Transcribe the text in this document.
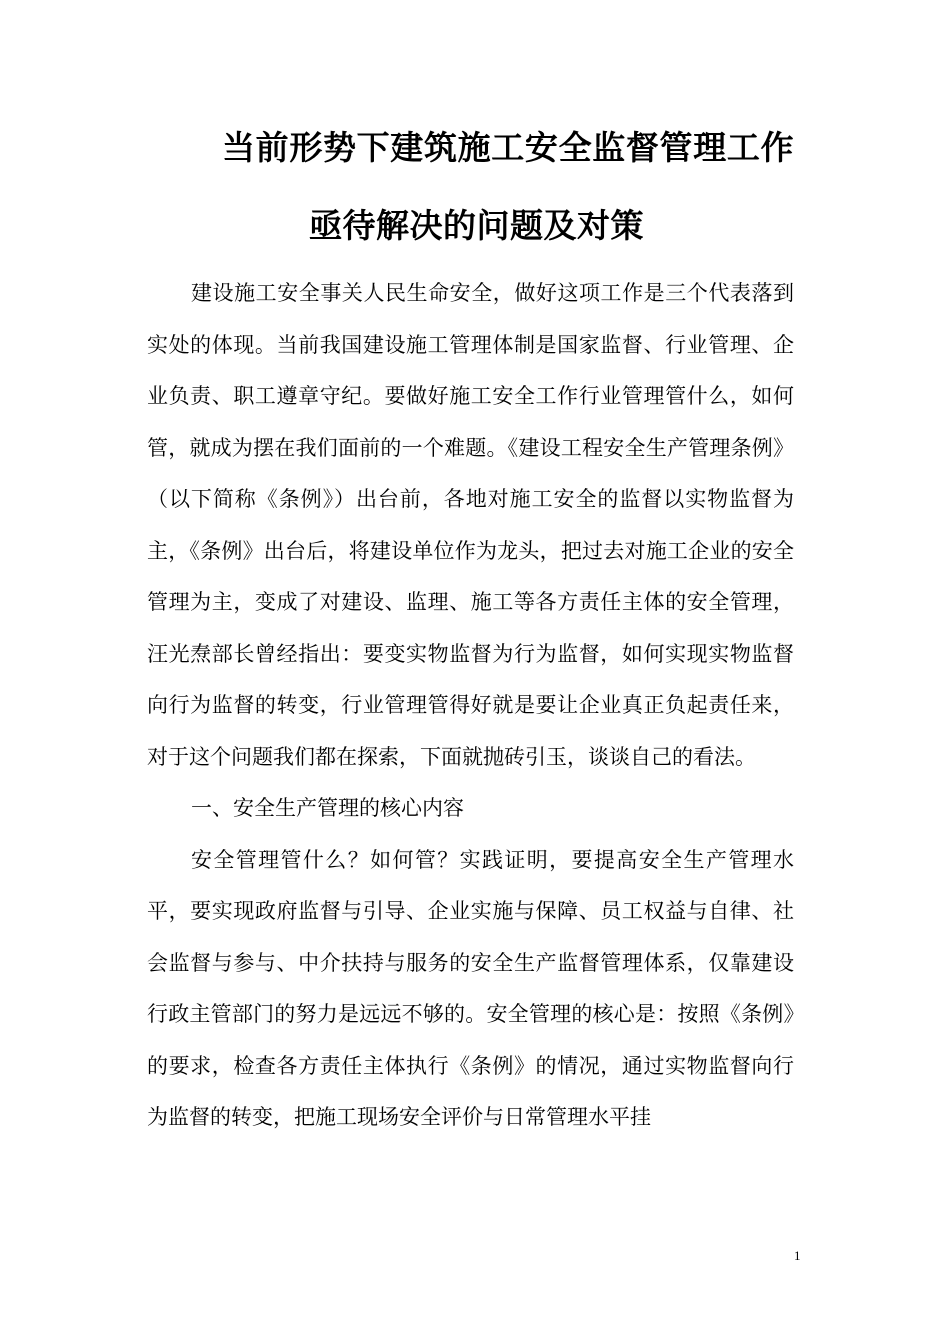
当前形势下建筑施工安全监督管理工作
亟待解决的问题及对策

建设施工安全事关人民生命安全，做好这项工作是三个代表落到实处的体现。当前我国建设施工管理体制是国家监督、行业管理、企业负责、职工遵章守纪。要做好施工安全工作行业管理管什么，如何管，就成为摆在我们面前的一个难题。《建设工程安全生产管理条例》（以下简称《条例》）出台前，各地对施工安全的监督以实物监督为主，《条例》出台后，将建设单位作为龙头，把过去对施工企业的安全管理为主，变成了对建设、监理、施工等各方责任主体的安全管理，汪光焘部长曾经指出：要变实物监督为行为监督，如何实现实物监督向行为监督的转变，行业管理管得好就是要让企业真正负起责任来，对于这个问题我们都在探索，下面就抛砖引玉，谈谈自己的看法。

一、安全生产管理的核心内容

安全管理管什么？如何管？实践证明，要提高安全生产管理水平，要实现政府监督与引导、企业实施与保障、员工权益与自律、社会监督与参与、中介扶持与服务的安全生产监督管理体系，仅靠建设行政主管部门的努力是远远不够的。安全管理的核心是：按照《条例》的要求，检查各方责任主体执行《条例》的情况，通过实物监督向行为监督的转变，把施工现场安全评价与日常管理水平挂

1
